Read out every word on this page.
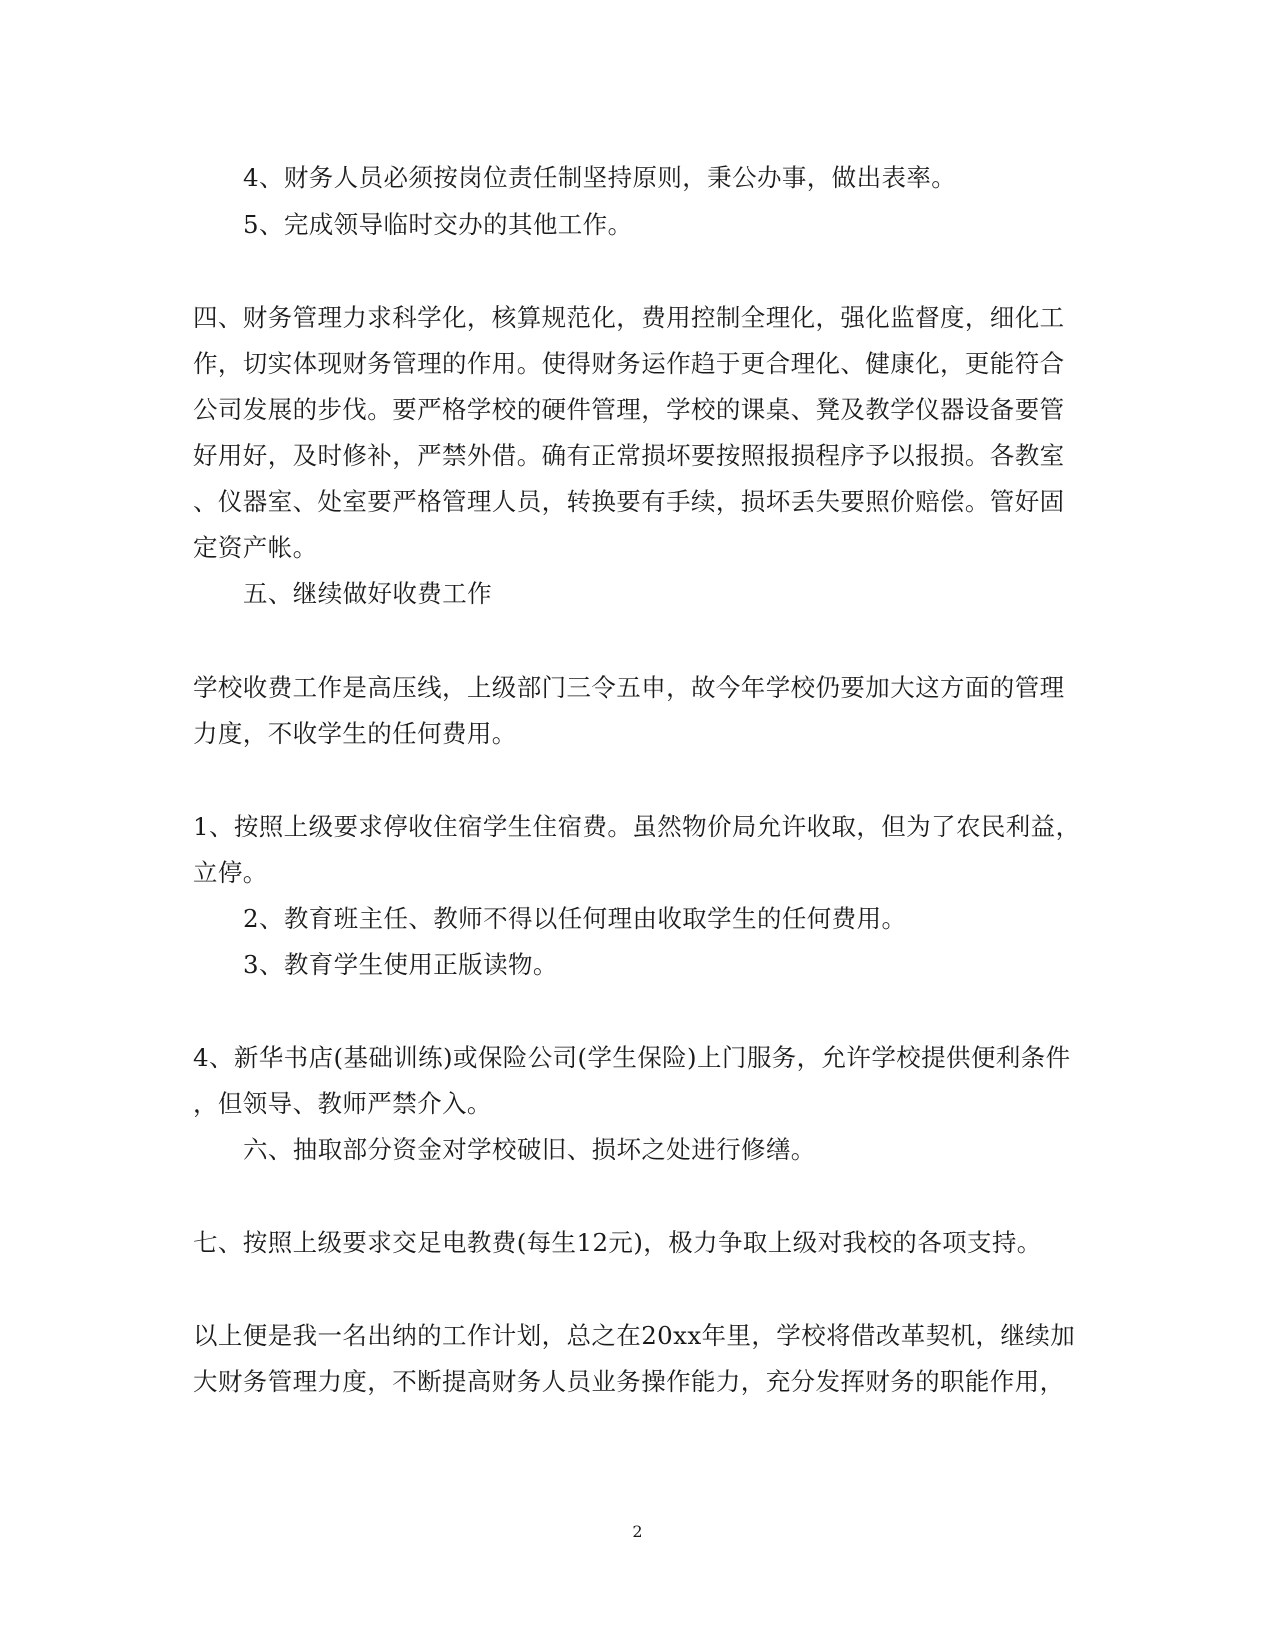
4、财务人员必须按岗位责任制坚持原则，秉公办事，做出表率。
5、完成领导临时交办的其他工作。
四、财务管理力求科学化，核算规范化，费用控制全理化，强化监督度，细化工
作，切实体现财务管理的作用。使得财务运作趋于更合理化、健康化，更能符合
公司发展的步伐。要严格学校的硬件管理，学校的课桌、凳及教学仪器设备要管
好用好，及时修补，严禁外借。确有正常损坏要按照报损程序予以报损。各教室
、仪器室、处室要严格管理人员，转换要有手续，损坏丢失要照价赔偿。管好固
定资产帐。
五、继续做好收费工作
学校收费工作是高压线，上级部门三令五申，故今年学校仍要加大这方面的管理
力度，不收学生的任何费用。
1、按照上级要求停收住宿学生住宿费。虽然物价局允许收取，但为了农民利益，
立停。
2、教育班主任、教师不得以任何理由收取学生的任何费用。
3、教育学生使用正版读物。
4、新华书店(基础训练)或保险公司(学生保险)上门服务，允许学校提供便利条件
，但领导、教师严禁介入。
六、抽取部分资金对学校破旧、损坏之处进行修缮。
七、按照上级要求交足电教费(每生12元)，极力争取上级对我校的各项支持。
以上便是我一名出纳的工作计划，总之在20xx年里，学校将借改革契机，继续加
大财务管理力度，不断提高财务人员业务操作能力，充分发挥财务的职能作用，
2
